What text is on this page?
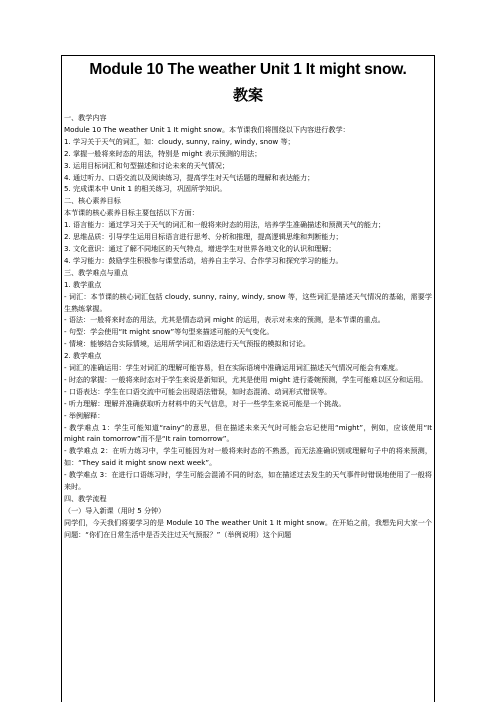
Module 10 The weather Unit 1 It might snow.
教案

一、教学内容

Module 10 The weather Unit 1 It might snow。本节课我们将围绕以下内容进行教学：

1. 学习关于天气的词汇，如：cloudy, sunny, rainy, windy, snow 等；

2. 掌握一般将来时态的用法，特别是 might 表示预测的用法；

3. 运用目标词汇和句型描述和讨论未来的天气情况；

4. 通过听力、口语交流以及阅读练习，提高学生对天气话题的理解和表达能力；

5. 完成课本中 Unit 1 的相关练习，巩固所学知识。

二、核心素养目标

本节课的核心素养目标主要包括以下方面：

1. 语言能力：通过学习关于天气的词汇和一般将来时态的用法，培养学生准确描述和预测天气的能力；

2. 思维品质：引导学生运用目标语言进行思考、分析和推理，提高逻辑思维和判断能力；

3. 文化意识：通过了解不同地区的天气特点，增进学生对世界各地文化的认识和理解；

4. 学习能力：鼓励学生积极参与课堂活动，培养自主学习、合作学习和探究学习的能力。

三、教学难点与重点

1. 教学重点

- 词汇：本节课的核心词汇包括 cloudy, sunny, rainy, windy, snow 等，这些词汇是描述天气情况的基础，需要学生熟练掌握。

- 语法：一般将来时态的用法，尤其是情态动词 might 的运用，表示对未来的预测，是本节课的重点。

- 句型：学会使用“It might snow”等句型来描述可能的天气变化。

- 情境：能够结合实际情境，运用所学词汇和语法进行天气预报的模拟和讨论。

2. 教学难点

- 词汇的准确运用：学生对词汇的理解可能容易，但在实际语境中准确运用词汇描述天气情况可能会有难度。

- 时态的掌握：一般将来时态对于学生来说是新知识，尤其是使用 might 进行委婉预测，学生可能难以区分和运用。

- 口语表达：学生在口语交流中可能会出现语法错误，如时态混淆、动词形式错误等。

- 听力理解：理解并准确获取听力材料中的天气信息，对于一些学生来说可能是一个挑战。

- 举例解释：

- 教学难点 1：学生可能知道“rainy”的意思，但在描述未来天气时可能会忘记使用“might”，例如，应该使用“It might rain tomorrow”而不是“It rain tomorrow”。

- 教学难点 2：在听力练习中，学生可能因为对一般将来时态的不熟悉，而无法准确识别或理解句子中的将来预测，如：“They said it might snow next week”。

- 教学难点 3：在进行口语练习时，学生可能会混淆不同的时态，如在描述过去发生的天气事件时错误地使用了一般将来时。

四、教学流程

（一）导入新课（用时 5 分钟）

同学们，今天我们将要学习的是 Module 10 The weather Unit 1 It might snow。在开始之前，我想先问大家一个问题：“你们在日常生活中是否关注过天气预报？”（举例说明）这个问题
